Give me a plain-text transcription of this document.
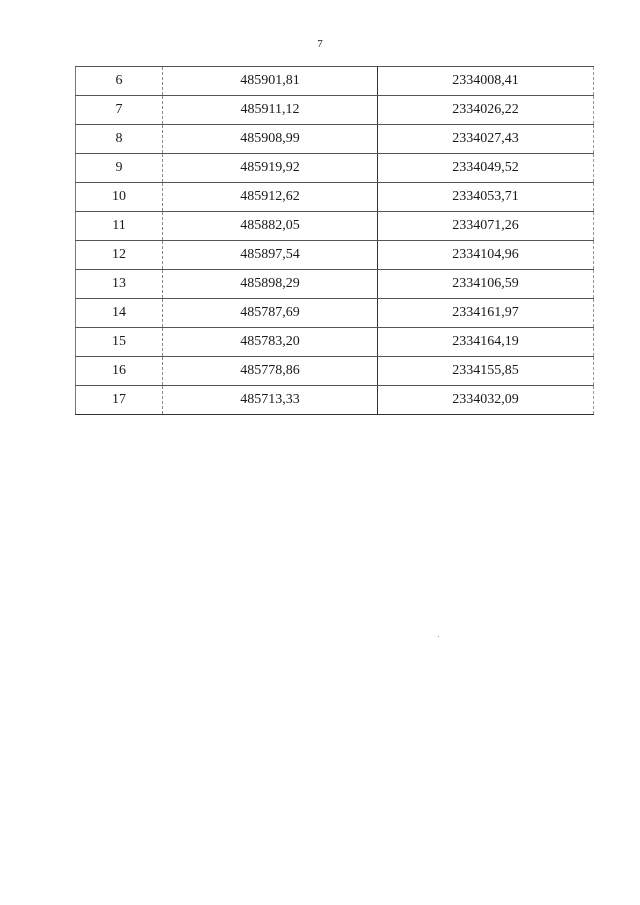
7
6	485901,81	2334008,41
7	485911,12	2334026,22
8	485908,99	2334027,43
9	485919,92	2334049,52
10	485912,62	2334053,71
11	485882,05	2334071,26
12	485897,54	2334104,96
13	485898,29	2334106,59
14	485787,69	2334161,97
15	485783,20	2334164,19
16	485778,86	2334155,85
17	485713,33	2334032,09
